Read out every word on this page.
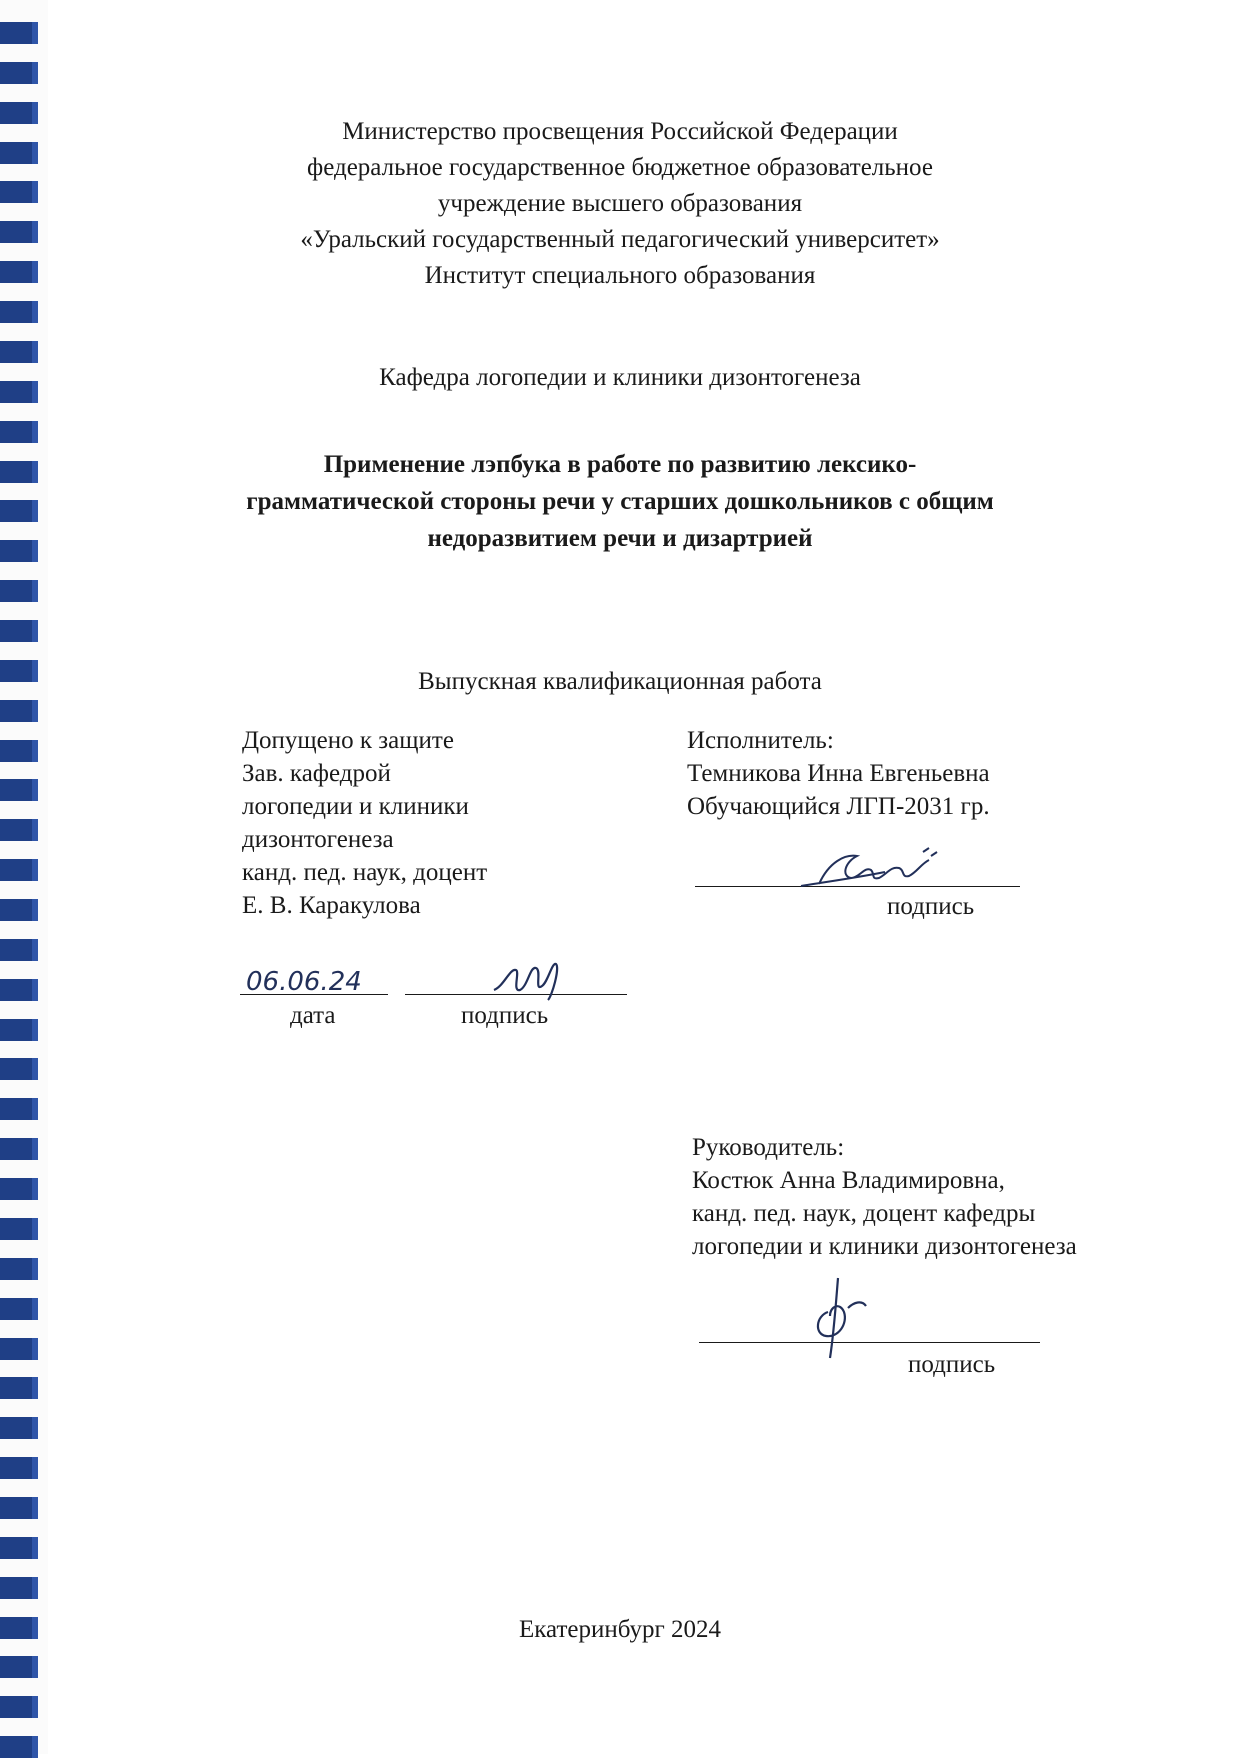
Министерство просвещения Российской Федерации
федеральное государственное бюджетное образовательное
учреждение высшего образования
«Уральский государственный педагогический университет»
Институт специального образования
Кафедра логопедии и клиники дизонтогенеза
Применение лэпбука в работе по развитию лексико-
грамматической стороны речи у старших дошкольников с общим
недоразвитием речи и дизартрией
Выпускная квалификационная работа
Допущено к защите
Зав. кафедрой
логопедии и клиники
дизонтогенеза
канд. пед. наук, доцент
Е. В. Каракулова
06.06.24
дата	подпись
Исполнитель:
Темникова Инна Евгеньевна
Обучающийся ЛГП-2031 гр.
подпись
Руководитель:
Костюк Анна Владимировна,
канд. пед. наук, доцент кафедры
логопедии и клиники дизонтогенеза
подпись
Екатеринбург 2024
